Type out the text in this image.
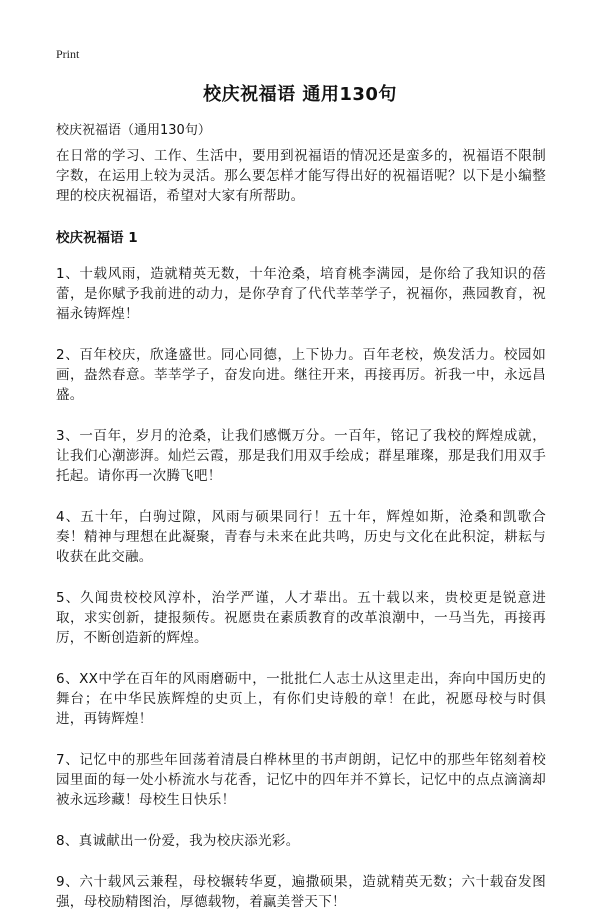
Print
校庆祝福语 通用130句

校庆祝福语（通用130句）

在日常的学习、工作、生活中，要用到祝福语的情况还是蛮多的，祝福语不限制字数，在运用上较为灵活。那么要怎样才能写得出好的祝福语呢？以下是小编整理的校庆祝福语，希望对大家有所帮助。

校庆祝福语 1
1、十载风雨，造就精英无数，十年沧桑，培育桃李满园，是你给了我知识的蓓蕾，是你赋予我前进的动力，是你孕育了代代莘莘学子，祝福你，燕园教育，祝福永铸辉煌！
2、百年校庆，欣逢盛世。同心同德，上下协力。百年老校，焕发活力。校园如画，盎然春意。莘莘学子，奋发向进。继往开来，再接再厉。祈我一中，永远昌盛。
3、一百年，岁月的沧桑，让我们感慨万分。一百年，铭记了我校的辉煌成就，让我们心潮澎湃。灿烂云霞，那是我们用双手绘成；群星璀璨，那是我们用双手托起。请你再一次腾飞吧！
4、五十年，白驹过隙，风雨与硕果同行！五十年，辉煌如斯，沧桑和凯歌合奏！精神与理想在此凝聚，青春与未来在此共鸣，历史与文化在此积淀，耕耘与收获在此交融。
5、久闻贵校校风淳朴，治学严谨，人才辈出。五十载以来，贵校更是锐意进取，求实创新，捷报频传。祝愿贵在素质教育的改革浪潮中，一马当先，再接再厉，不断创造新的辉煌。
6、XX中学在百年的风雨磨砺中，一批批仁人志士从这里走出，奔向中国历史的舞台；在中华民族辉煌的史页上，有你们史诗般的章！在此，祝愿母校与时俱进，再铸辉煌！
7、记忆中的那些年回荡着清晨白桦林里的书声朗朗，记忆中的那些年铭刻着校园里面的每一处小桥流水与花香，记忆中的四年并不算长，记忆中的点点滴滴却被永远珍藏！母校生日快乐！
8、真诚献出一份爱，我为校庆添光彩。
9、六十载风云兼程，母校辗转华夏，遍撒硕果，造就精英无数；六十载奋发图强，母校励精图治，厚德载物，着赢美誉天下！
